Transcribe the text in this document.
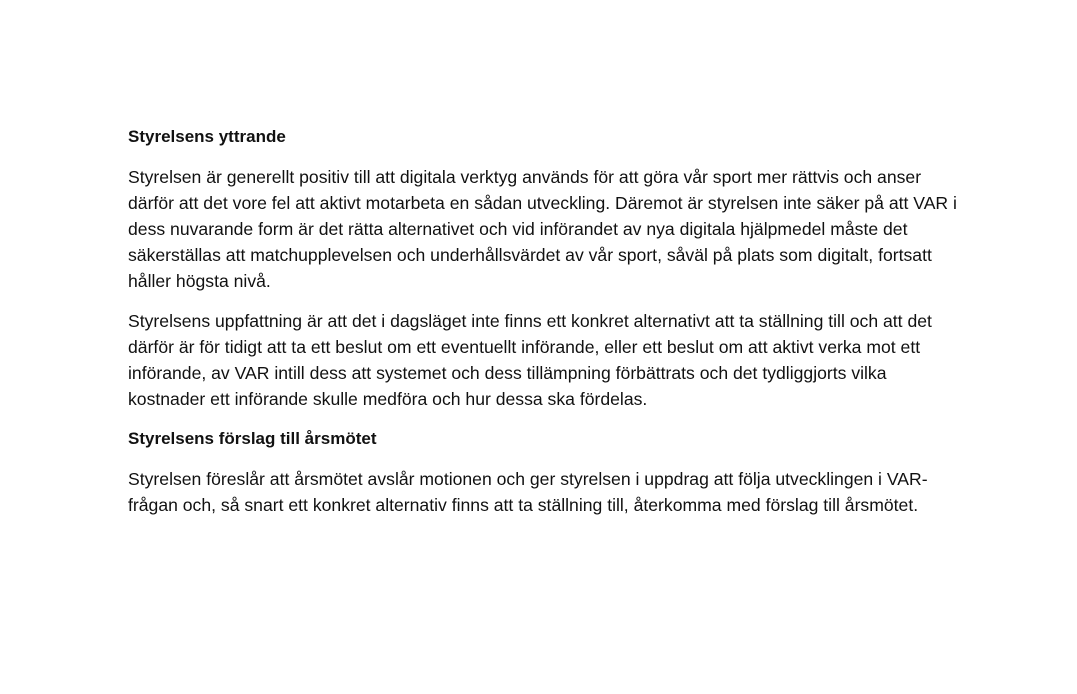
Styrelsens yttrande

Styrelsen är generellt positiv till att digitala verktyg används för att göra vår sport mer rättvis och anser därför att det vore fel att aktivt motarbeta en sådan utveckling. Däremot är styrelsen inte säker på att VAR i dess nuvarande form är det rätta alternativet och vid införandet av nya digitala hjälpmedel måste det säkerställas att matchupplevelsen och underhållsvärdet av vår sport, såväl på plats som digitalt, fortsatt håller högsta nivå.

Styrelsens uppfattning är att det i dagsläget inte finns ett konkret alternativt att ta ställning till och att det därför är för tidigt att ta ett beslut om ett eventuellt införande, eller ett beslut om att aktivt verka mot ett införande, av VAR intill dess att systemet och dess tillämpning förbättrats och det tydliggjorts vilka kostnader ett införande skulle medföra och hur dessa ska fördelas.

Styrelsens förslag till årsmötet

Styrelsen föreslår att årsmötet avslår motionen och ger styrelsen i uppdrag att följa utvecklingen i VAR-frågan och, så snart ett konkret alternativ finns att ta ställning till, återkomma med förslag till årsmötet.
